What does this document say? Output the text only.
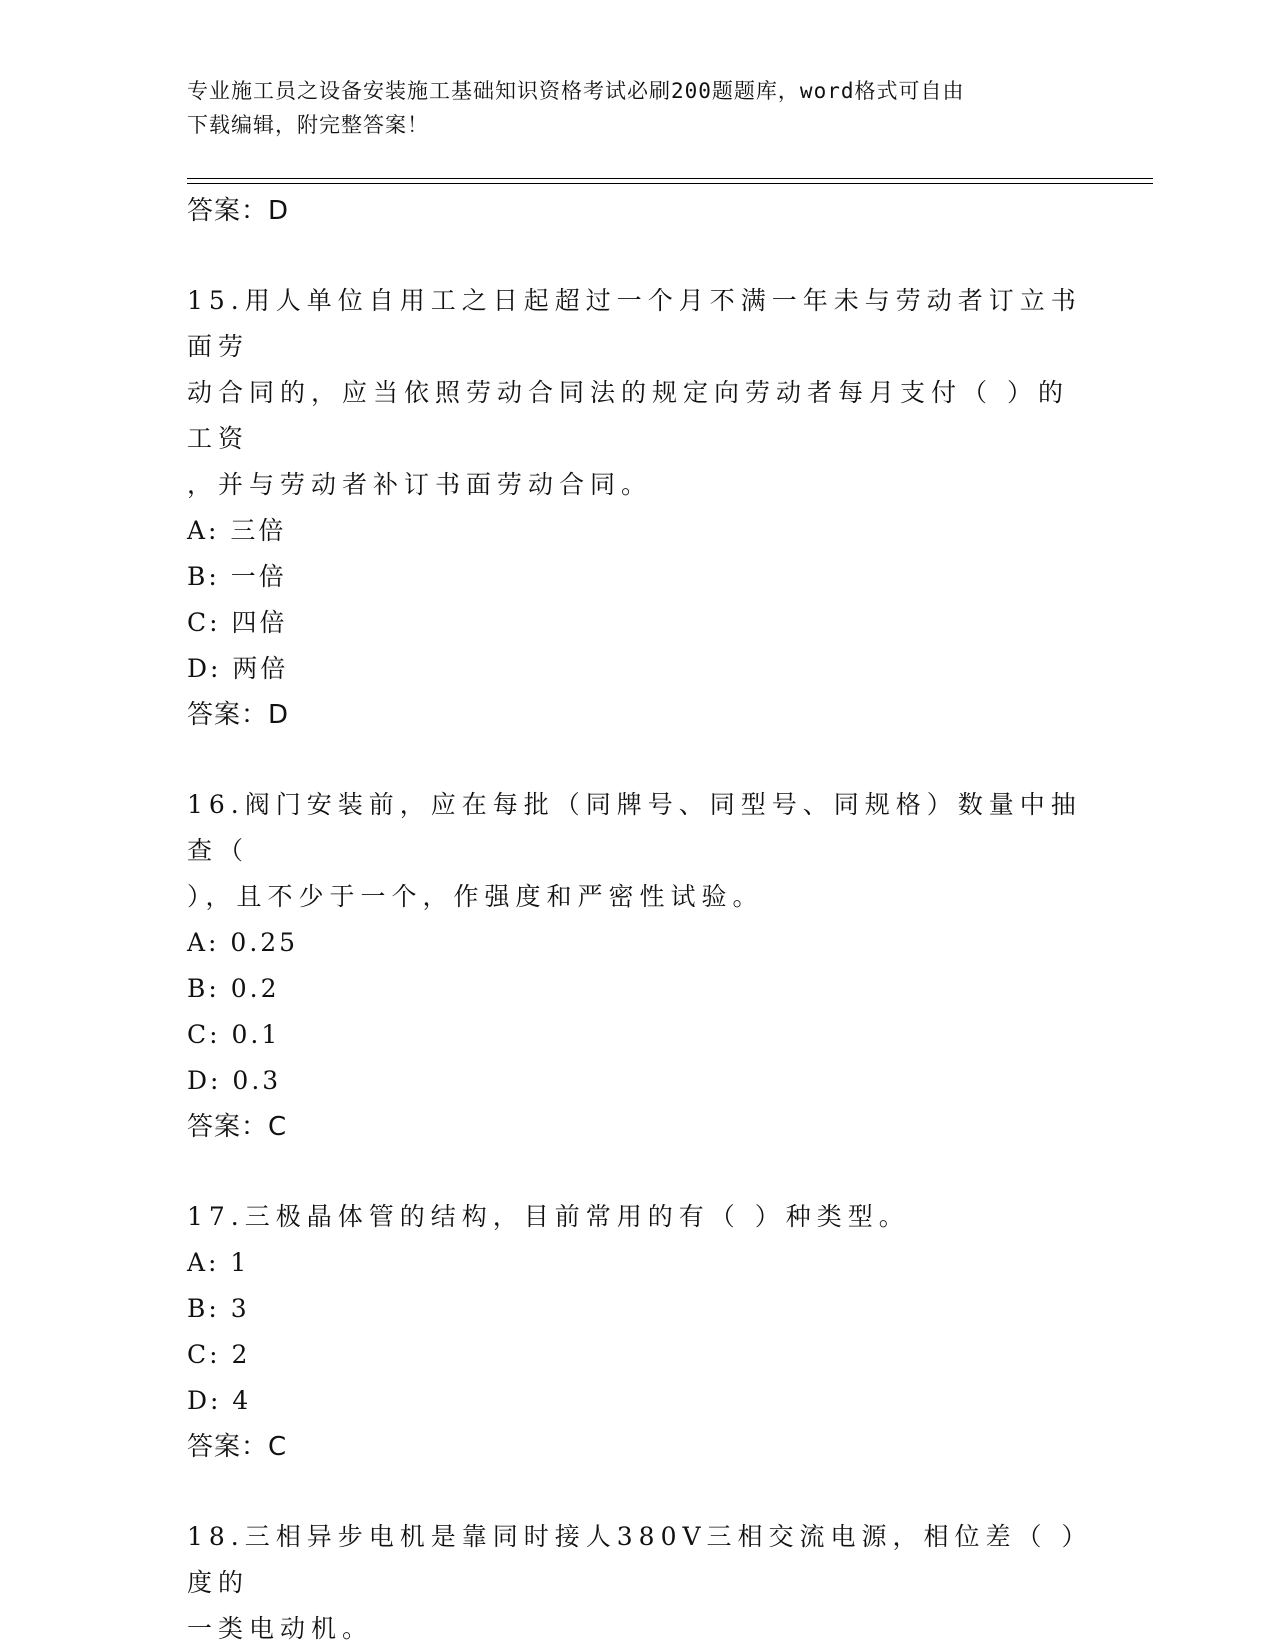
专业施工员之设备安装施工基础知识资格考试必刷200题题库，word格式可自由
下载编辑，附完整答案！
答案：D
15.用人单位自用工之日起超过一个月不满一年未与劳动者订立书面劳
动合同的，应当依照劳动合同法的规定向劳动者每月支付（ ）的工资
，并与劳动者补订书面劳动合同。
A: 三倍
B: 一倍
C: 四倍
D: 两倍
答案：D
16.阀门安装前，应在每批（同牌号、同型号、同规格）数量中抽查（
），且不少于一个，作强度和严密性试验。
A: 0.25
B: 0.2
C: 0.1
D: 0.3
答案：C
17.三极晶体管的结构，目前常用的有（ ）种类型。
A: 1
B: 3
C: 2
D: 4
答案：C
18.三相异步电机是靠同时接人380V三相交流电源，相位差（ ）度的
一类电动机。
